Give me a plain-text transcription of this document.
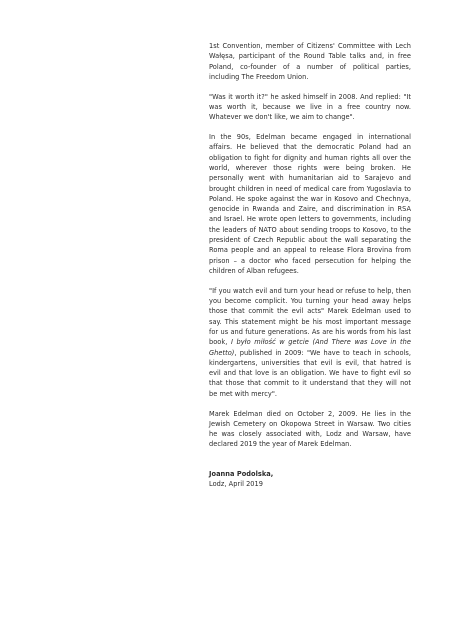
1st Convention, member of Citizens' Committee with Lech Wałęsa, participant of the Round Table talks and, in free Poland, co-founder of a number of political parties, including The Freedom Union.

"Was it worth it?" he asked himself in 2008. And replied: "It was worth it, because we live in a free country now. Whatever we don't like, we aim to change".

In the 90s, Edelman became engaged in international affairs. He believed that the democratic Poland had an obligation to fight for dignity and human rights all over the world, wherever those rights were being broken. He personally went with humanitarian aid to Sarajevo and brought children in need of medical care from Yugoslavia to Poland. He spoke against the war in Kosovo and Chechnya, genocide in Rwanda and Zaire, and discrimination in RSA and Israel. He wrote open letters to governments, including the leaders of NATO about sending troops to Kosovo, to the president of Czech Republic about the wall separating the Roma people and an appeal to release Flora Brovina from prison – a doctor who faced persecution for helping the children of Alban refugees.

"If you watch evil and turn your head or refuse to help, then you become complicit. You turning your head away helps those that commit the evil acts" Marek Edelman used to say. This statement might be his most important message for us and future generations. As are his words from his last book, I było miłość w getcie (And There was Love in the Ghetto), published in 2009: "We have to teach in schools, kindergartens, universities that evil is evil, that hatred is evil and that love is an obligation. We have to fight evil so that those that commit to it understand that they will not be met with mercy".

Marek Edelman died on October 2, 2009. He lies in the Jewish Cemetery on Okopowa Street in Warsaw. Two cities he was closely associated with, Lodz and Warsaw, have declared 2019 the year of Marek Edelman.

Joanna Podolska,

Lodz, April 2019
